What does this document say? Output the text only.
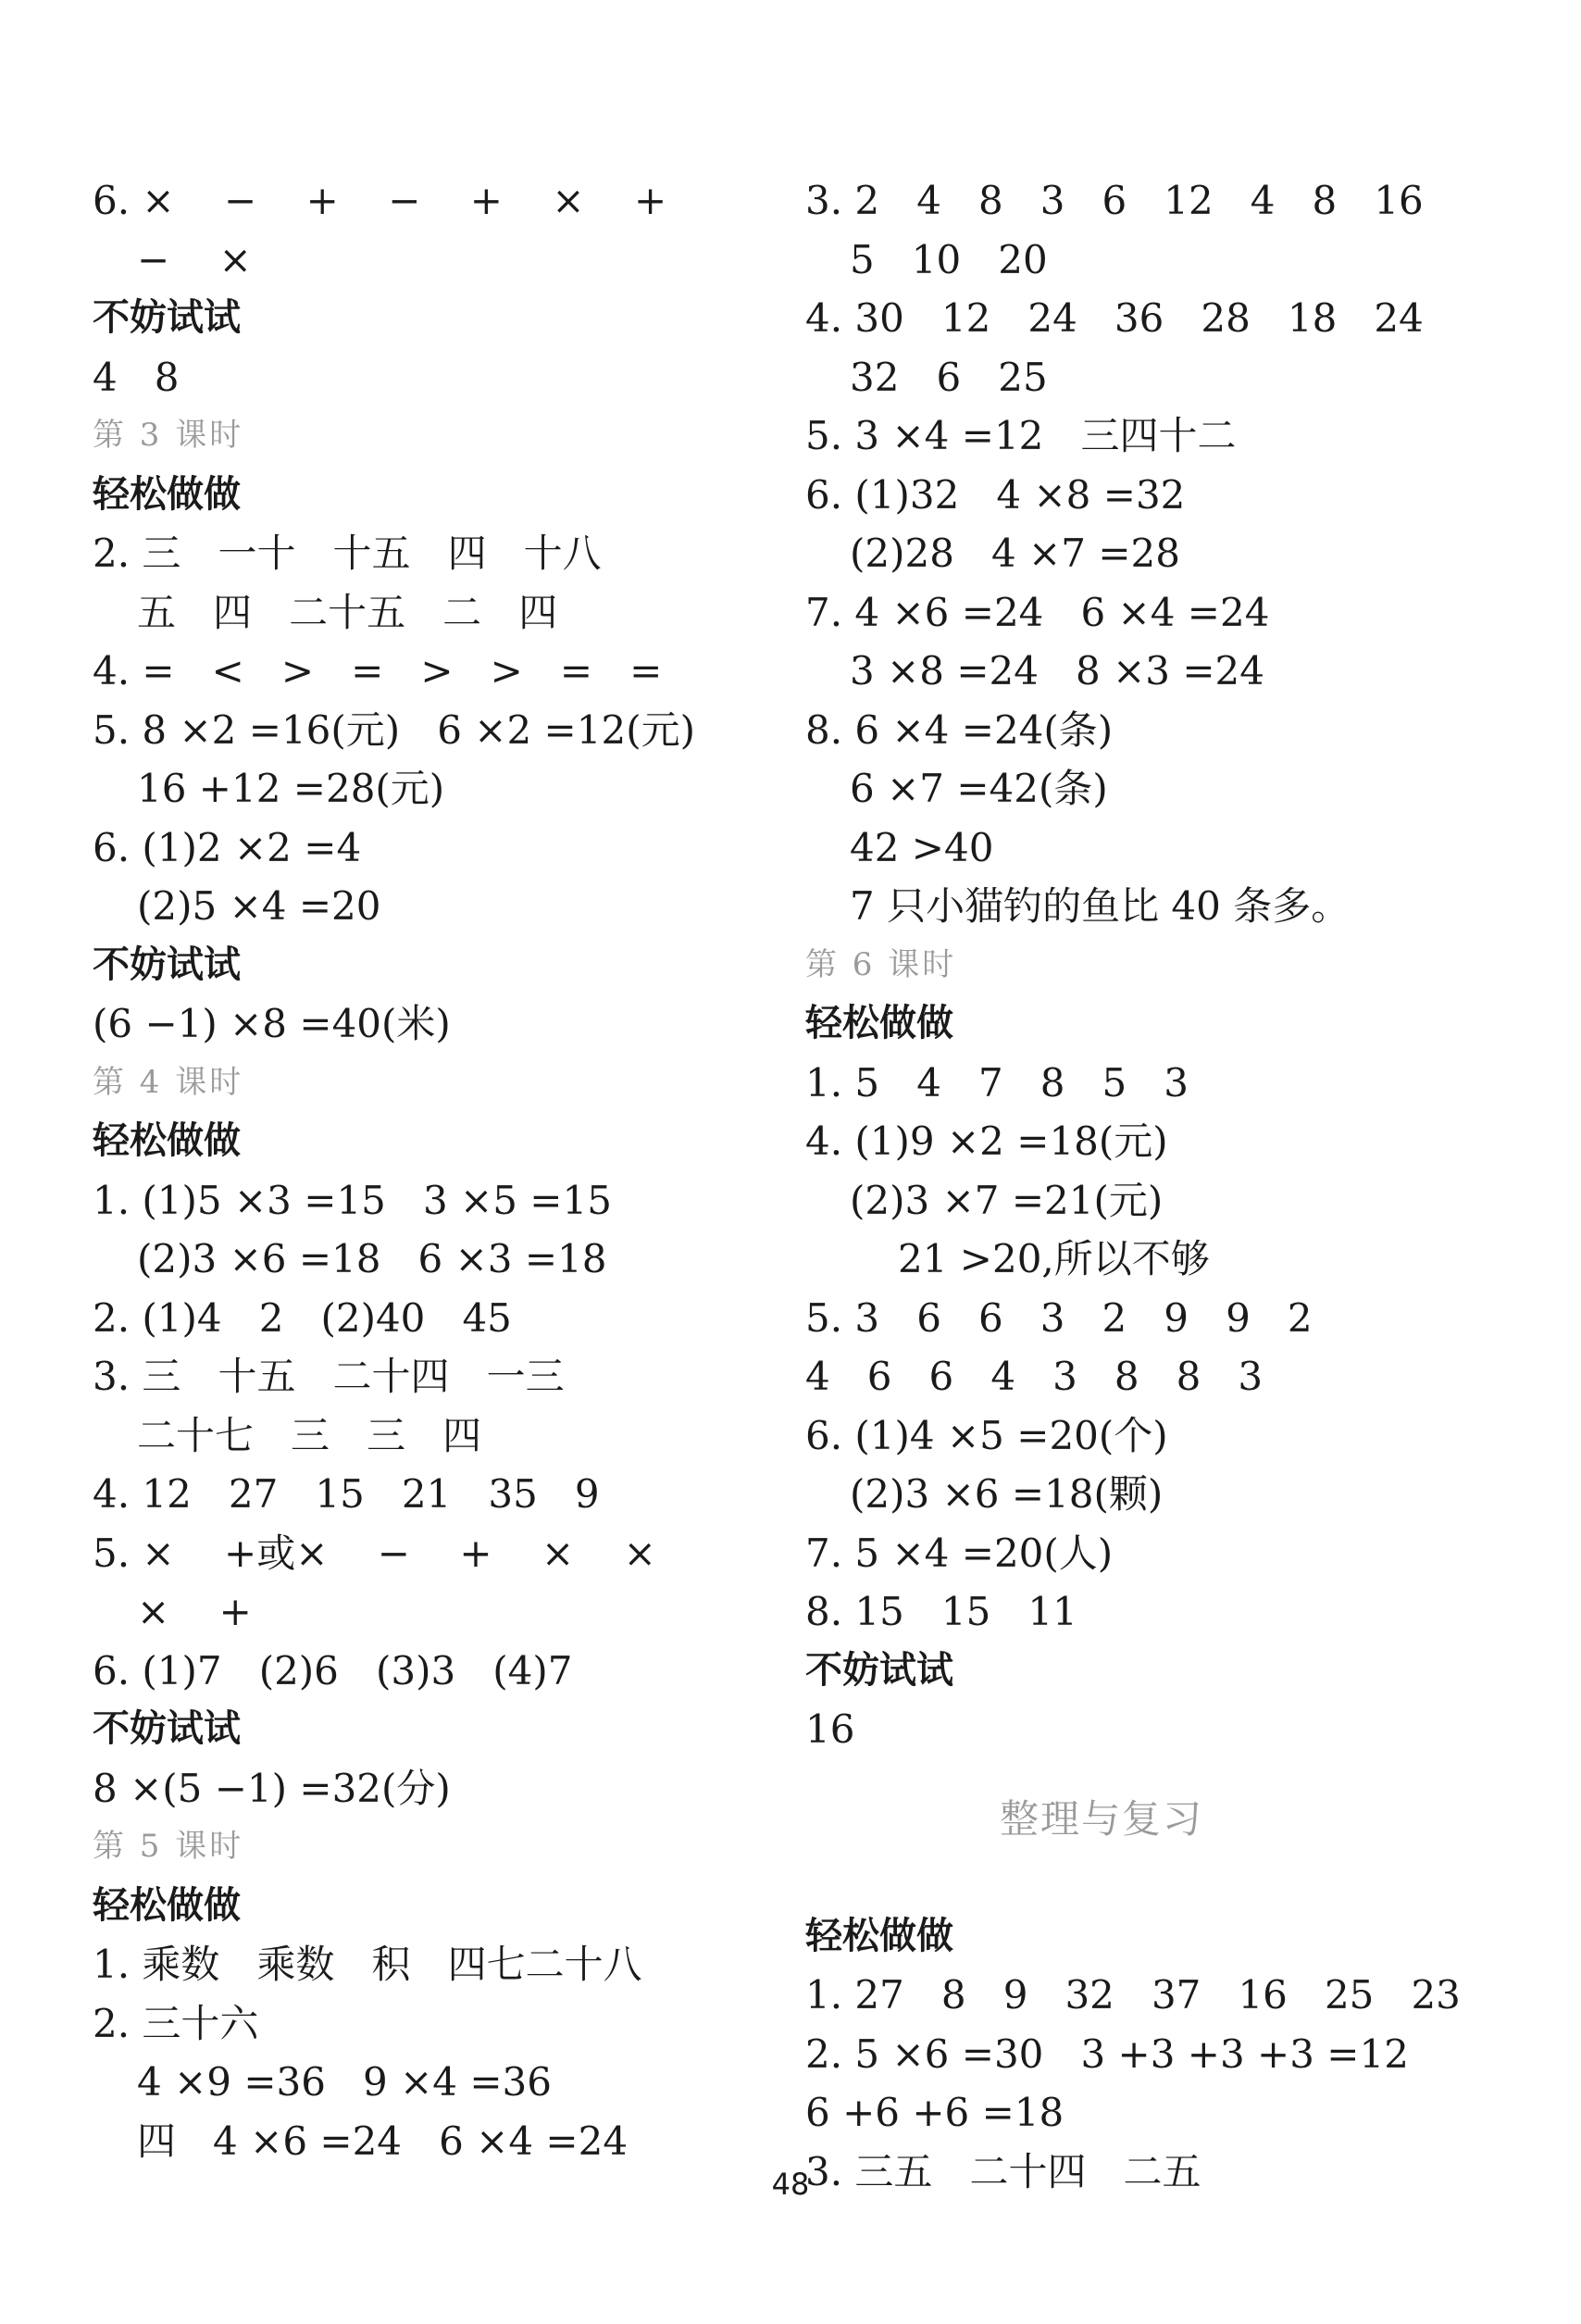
6. ×    −    +    −    +    ×    +
−    ×
不妨试试
4   8
第 3 课时
轻松做做
2. 三   一十   十五   四   十八
五   四   二十五   二   四
4. =   <   >   =   >   >   =   =
5. 8 ×2 =16(元)   6 ×2 =12(元)
16 +12 =28(元)
6. (1)2 ×2 =4
(2)5 ×4 =20
不妨试试
(6 −1) ×8 =40(米)
第 4 课时
轻松做做
1. (1)5 ×3 =15   3 ×5 =15
(2)3 ×6 =18   6 ×3 =18
2. (1)4   2   (2)40   45
3. 三   十五   二十四   一三
二十七   三   三   四
4. 12   27   15   21   35   9
5. ×    +或×    −    +    ×    ×
×    +
6. (1)7   (2)6   (3)3   (4)7
不妨试试
8 ×(5 −1) =32(分)
第 5 课时
轻松做做
1. 乘数   乘数   积   四七二十八
2. 三十六
4 ×9 =36   9 ×4 =36
四   4 ×6 =24   6 ×4 =24
3. 2   4   8   3   6   12   4   8   16
5   10   20
4. 30   12   24   36   28   18   24
32   6   25
5. 3 ×4 =12   三四十二
6. (1)32   4 ×8 =32
(2)28   4 ×7 =28
7. 4 ×6 =24   6 ×4 =24
3 ×8 =24   8 ×3 =24
8. 6 ×4 =24(条)
6 ×7 =42(条)
42 >40
7 只小猫钓的鱼比 40 条多。
第 6 课时
轻松做做
1. 5   4   7   8   5   3
4. (1)9 ×2 =18(元)
(2)3 ×7 =21(元)
21 >20,所以不够
5. 3   6   6   3   2   9   9   2
4   6   6   4   3   8   8   3
6. (1)4 ×5 =20(个)
(2)3 ×6 =18(颗)
7. 5 ×4 =20(人)
8. 15   15   11
不妨试试
16
整理与复习
轻松做做
1. 27   8   9   32   37   16   25   23
2. 5 ×6 =30   3 +3 +3 +3 =12
6 +6 +6 =18
3. 三五   二十四   二五
48
